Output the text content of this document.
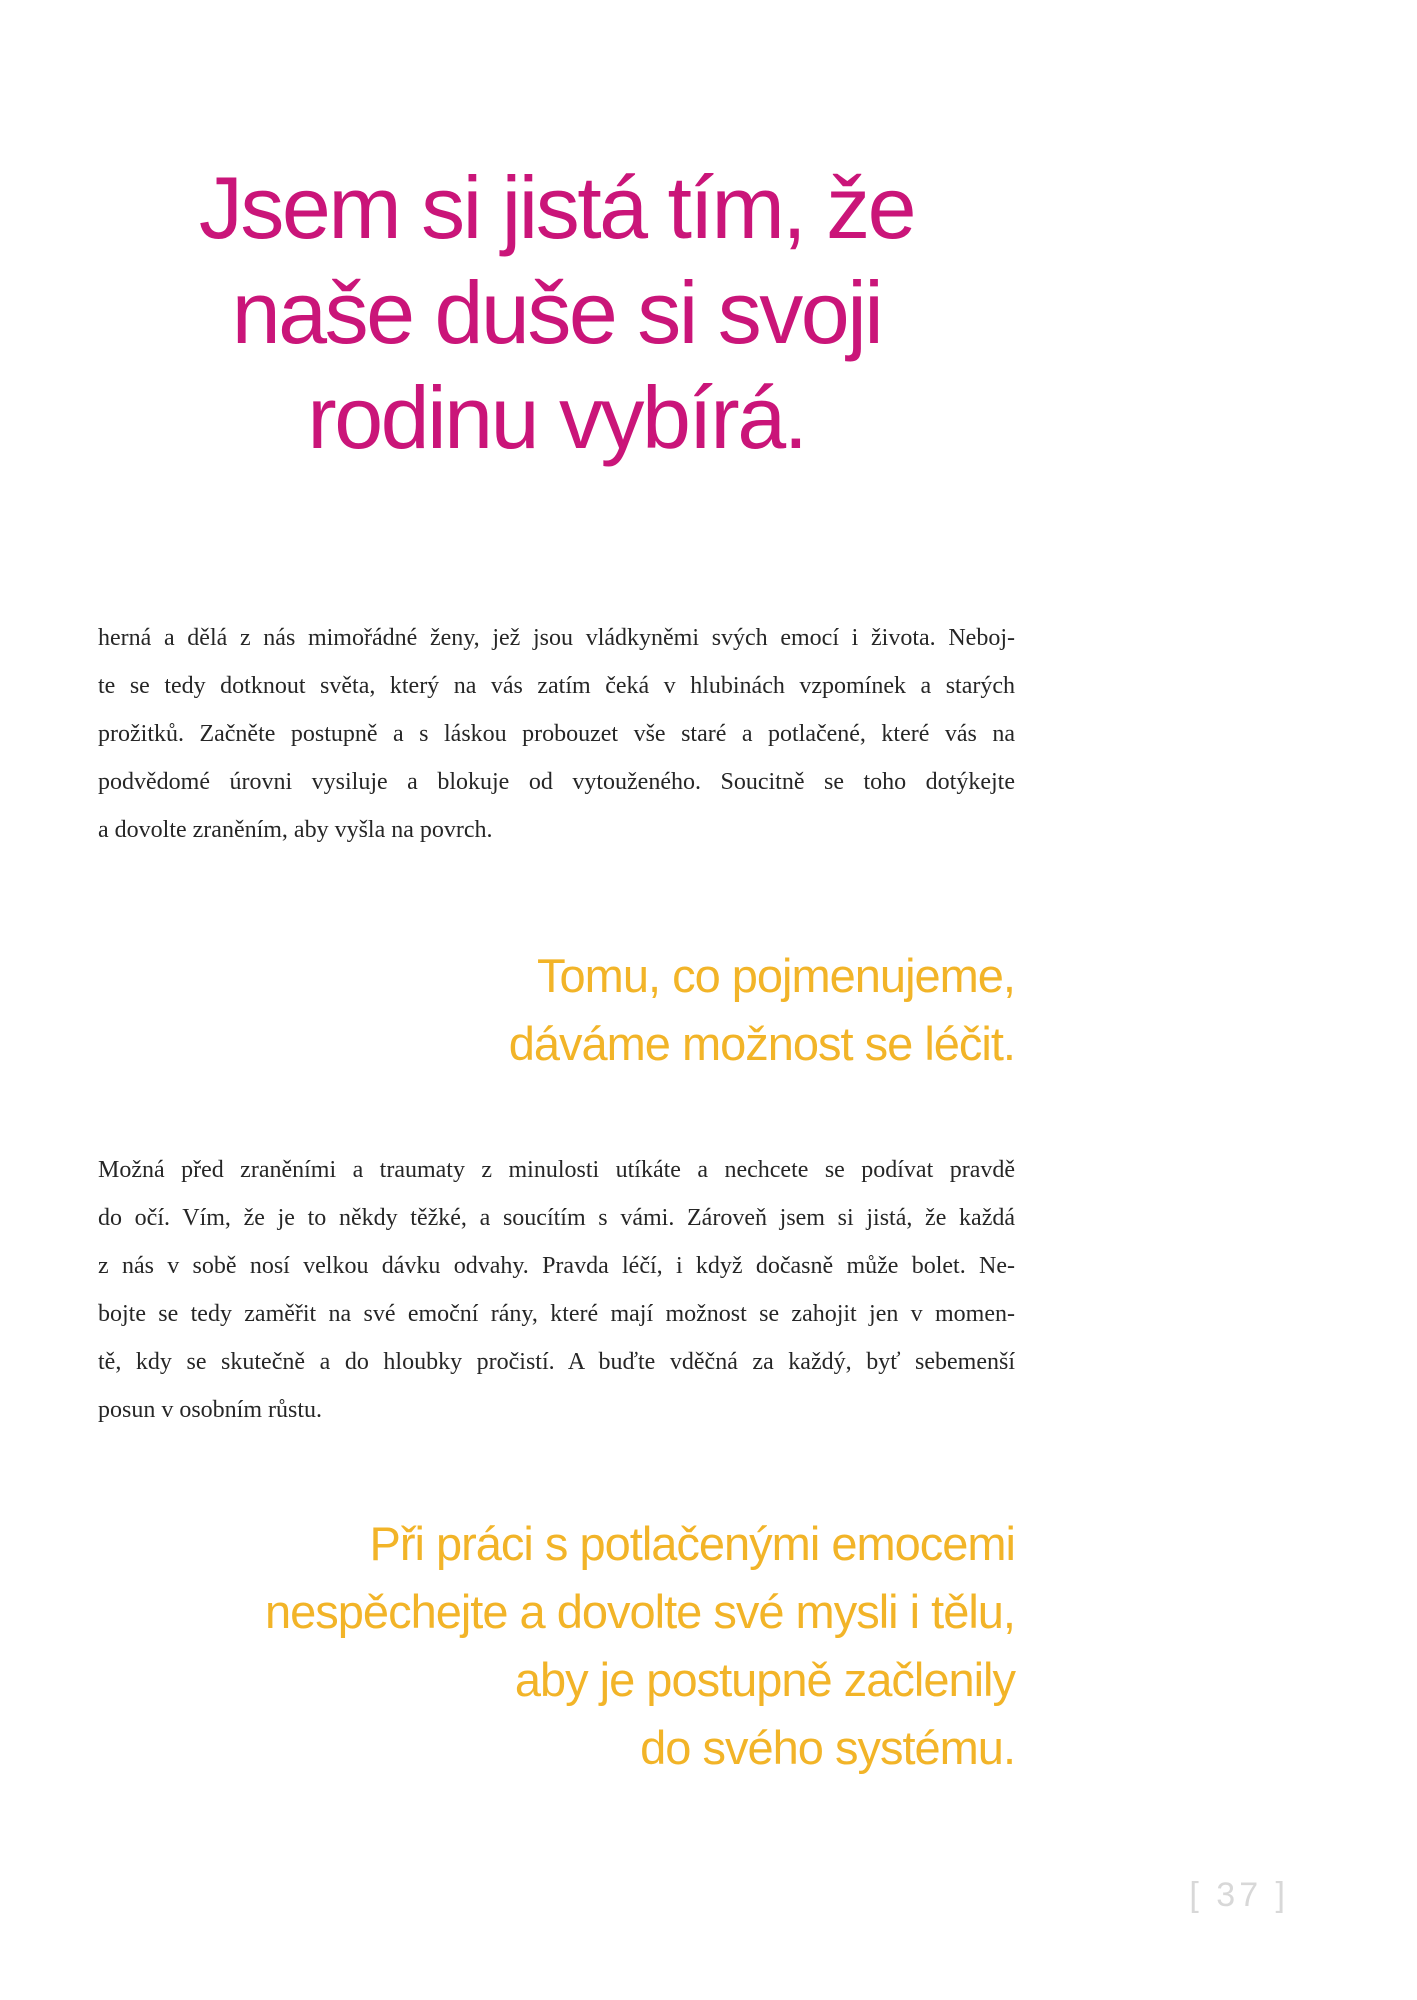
Jsem si jistá tím, že
naše duše si svoji
rodinu vybírá.
herná a dělá z nás mimořádné ženy, jež jsou vládkyněmi svých emocí i života. Neboj-
te se tedy dotknout světa, který na vás zatím čeká v hlubinách vzpomínek a starých
prožitků. Začněte postupně a s láskou probouzet vše staré a potlačené, které vás na
podvědomé úrovni vysiluje a blokuje od vytouženého. Soucitně se toho dotýkejte
a dovolte zraněním, aby vyšla na povrch.
Tomu, co pojmenujeme,
dáváme možnost se léčit.
Možná před zraněními a traumaty z minulosti utíkáte a nechcete se podívat pravdě
do očí. Vím, že je to někdy těžké, a soucítím s vámi. Zároveň jsem si jistá, že každá
z nás v sobě nosí velkou dávku odvahy. Pravda léčí, i když dočasně může bolet. Ne-
bojte se tedy zaměřit na své emoční rány, které mají možnost se zahojit jen v momen-
tě, kdy se skutečně a do hloubky pročistí. A buďte vděčná za každý, byť sebemenší
posun v osobním růstu.
Při práci s potlačenými emocemi
nespěchejte a dovolte své mysli i tělu,
aby je postupně začlenily
do svého systému.
[ 37 ]
